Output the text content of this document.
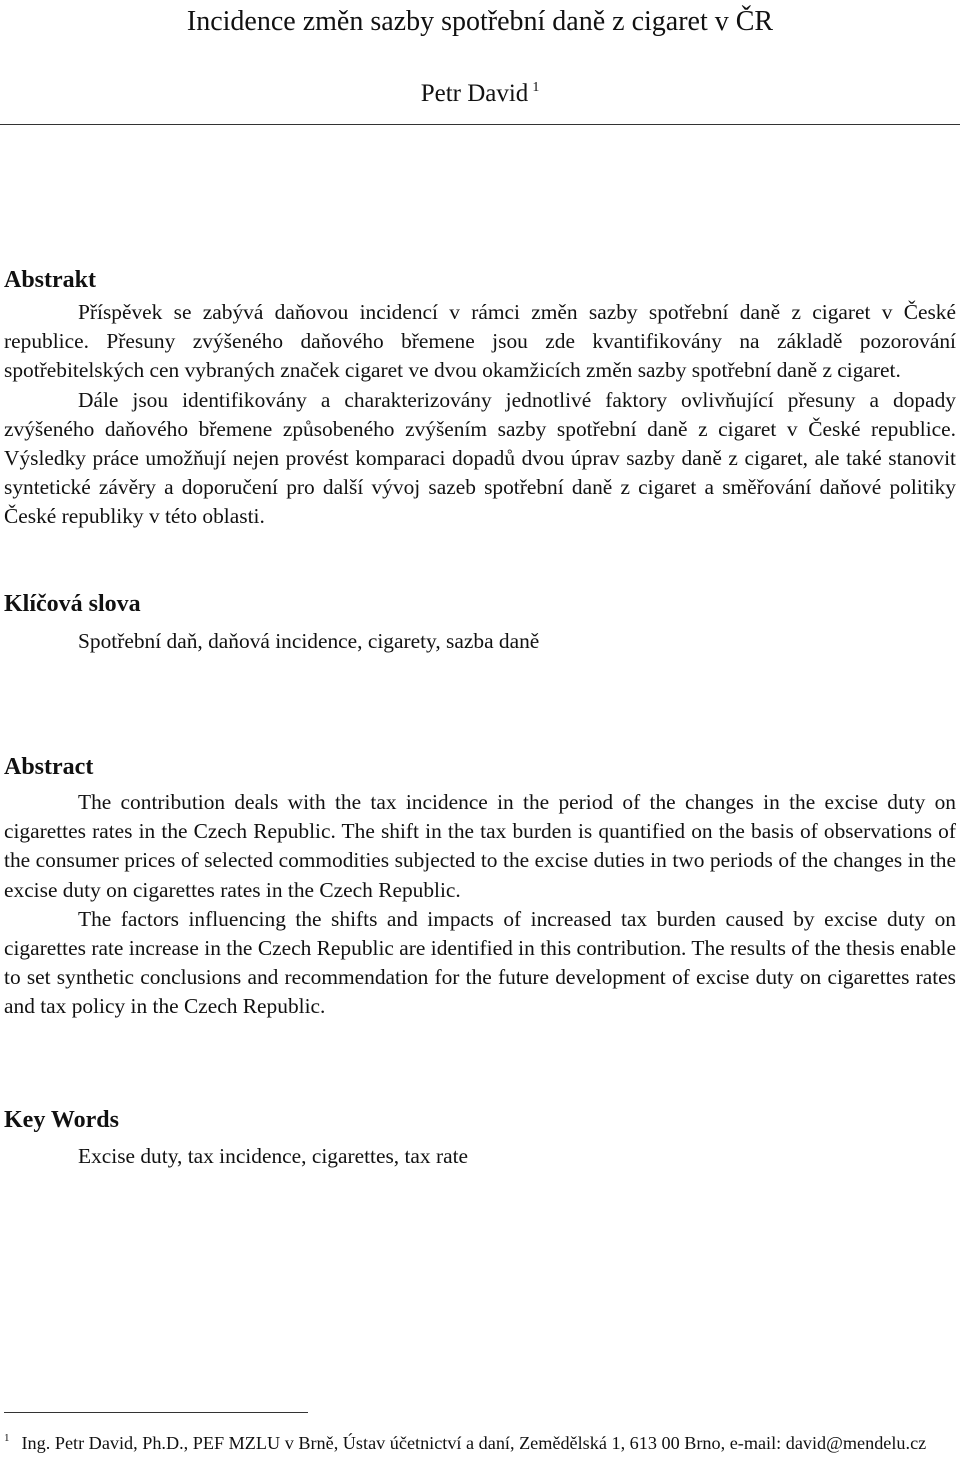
Incidence změn sazby spotřební daně z cigaret v ČR
Petr David $^1$
Abstrakt

Příspěvek se zabývá daňovou incidencí v rámci změn sazby spotřební daně z cigaret v České republice. Přesuny zvýšeného daňového břemene jsou zde kvantifikovány na základě pozorování spotřebitelských cen vybraných značek cigaret ve dvou okamžicích změn sazby spotřební daně z cigaret.

Dále jsou identifikovány a charakterizovány jednotlivé faktory ovlivňující přesuny a dopady zvýšeného daňového břemene způsobeného zvýšením sazby spotřební daně z cigaret v České republice. Výsledky práce umožňují nejen provést komparaci dopadů dvou úprav sazby daně z cigaret, ale také stanovit syntetické závěry a doporučení pro další vývoj sazeb spotřební daně z cigaret a směřování daňové politiky České republiky v této oblasti.

Klíčová slova

Spotřební daň, daňová incidence, cigarety, sazba daně

Abstract

The contribution deals with the tax incidence in the period of the changes in the excise duty on cigarettes rates in the Czech Republic. The shift in the tax burden is quantified on the basis of observations of the consumer prices of selected commodities subjected to the excise duties in two periods of the changes in the excise duty on cigarettes rates in the Czech Republic.

The factors influencing the shifts and impacts of increased tax burden caused by excise duty on cigarettes rate increase in the Czech Republic are identified in this contribution. The results of the thesis enable to set synthetic conclusions and recommendation for the future development of excise duty on cigarettes rates and tax policy in the Czech Republic.

Key Words

Excise duty, tax incidence, cigarettes, tax rate

$^1$ Ing. Petr David, Ph.D., PEF MZLU v Brně, Ústav účetnictví a daní, Zemědělská 1, 613 00 Brno, e-mail: david@mendelu.cz
